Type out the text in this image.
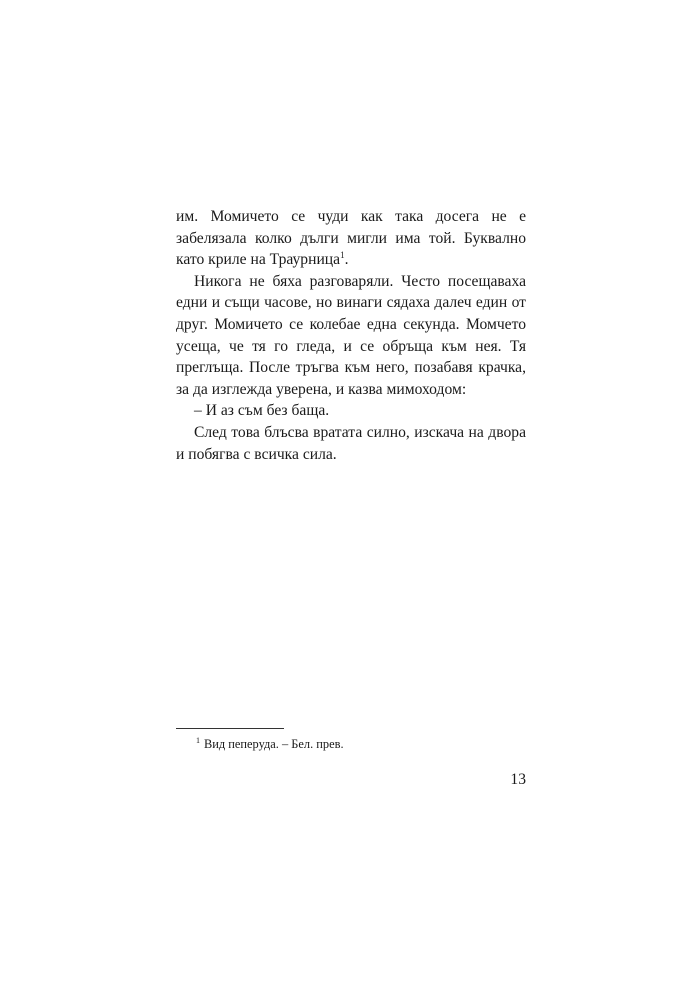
им. Момичето се чуди как така досега не е забелязала колко дълги мигли има той. Буквално като криле на Траурница$^1$.

Никога не бяха разговаряли. Често посещаваха едни и същи часове, но винаги сядаха далеч един от друг. Момичето се колебае една секунда. Момчето усеща, че тя го гледа, и се обръща към нея. Тя преглъща. После тръгва към него, позабавя крачка, за да изглежда уверена, и казва мимоходом:

– И аз съм без баща.

След това блъсва вратата силно, изскача на двора и побягва с всичка сила.

$^1$ Вид пеперуда. – Бел. прев.
13
